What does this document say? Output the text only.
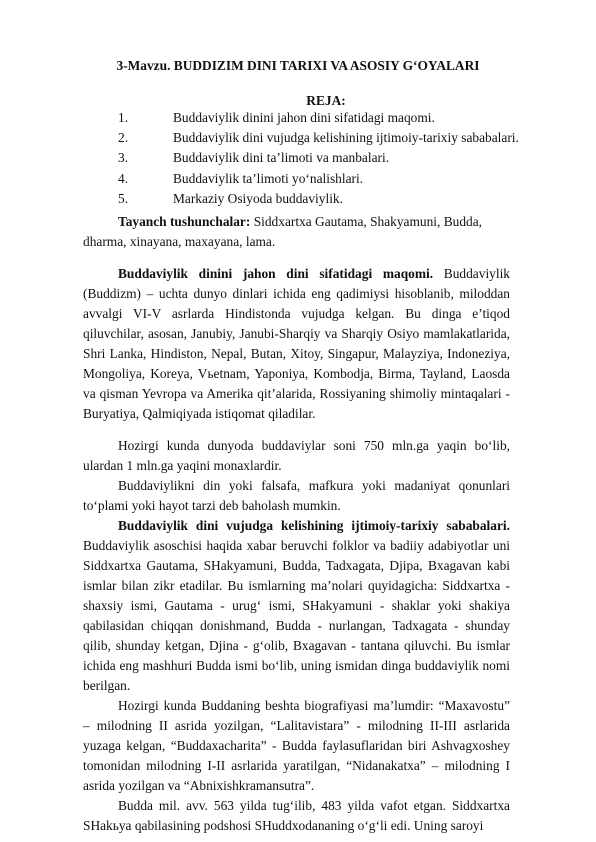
3-Mavzu. BUDDIZIM DINI TARIXI VA ASOSIY G‘OYALARI
REJA:
1.	Buddaviylik dinini jahon dini sifatidagi maqomi.
2.	Buddaviylik dini vujudga kelishining ijtimoiy-tarixiy sababalari.
3.	Buddaviylik dini ta’limoti va manbalari.
4.	Buddaviylik ta’limoti yo‘nalishlari.
5.	Markaziy Osiyoda buddaviylik.

Tayanch tushunchalar: Siddxartxa Gautama, Shakyamuni, Budda, dharma, xinayana, maxayana, lama.

Buddaviylik dinini jahon dini sifatidagi maqomi. Buddaviylik (Buddizm) – uchta dunyo dinlari ichida eng qadimiysi hisoblanib, miloddan avvalgi VI-V asrlarda Hindistonda vujudga kelgan. Bu dinga e’tiqod qiluvchilar, asosan, Janubiy, Janubi-Sharqiy va Sharqiy Osiyo mamlakatlarida, Shri Lanka, Hindiston, Nepal, Butan, Xitoy, Singapur, Malayziya, Indoneziya, Mongoliya, Koreya, Vьetnam, Yaponiya, Kombodja, Birma, Tayland, Laosda va qisman Yevropa va Amerika qit’alarida, Rossiyaning shimoliy mintaqalari - Buryatiya, Qalmiqiyada istiqomat qiladilar.

Hozirgi kunda dunyoda buddaviylar soni 750 mln.ga yaqin bo‘lib, ulardan 1 mln.ga yaqini monaxlardir.

Buddaviylikni din yoki falsafa, mafkura yoki madaniyat qonunlari to‘plami yoki hayot tarzi deb baholash mumkin.

Buddaviylik dini vujudga kelishining ijtimoiy-tarixiy sababalari. Buddaviylik asoschisi haqida xabar beruvchi folklor va badiiy adabiyotlar uni Siddxartxa Gautama, SHakyamuni, Budda, Tadxagata, Djipa, Bxagavan kabi ismlar bilan zikr etadilar. Bu ismlarning ma’nolari quyidagicha: Siddxartxa - shaxsiy ismi, Gautama - urug‘ ismi, SHakyamuni - shaklar yoki shakiya qabilasidan chiqqan donishmand, Budda - nurlangan, Tadxagata - shunday qilib, shunday ketgan, Djina - g‘olib, Bxagavan - tantana qiluvchi. Bu ismlar ichida eng mashhuri Budda ismi bo‘lib, uning ismidan dinga buddaviylik nomi berilgan.

Hozirgi kunda Buddaning beshta biografiyasi ma’lumdir: “Maxavostu” – milodning II asrida yozilgan, “Lalitavistara” - milodning II-III asrlarida yuzaga kelgan, “Buddaxacharita” - Budda faylasuflaridan biri Ashvagxoshey tomonidan milodning I-II asrlarida yaratilgan, “Nidanakatxa” – milodning I asrida yozilgan va “Abnixishkramansutra”.

Budda mil. avv. 563 yilda tug‘ilib, 483 yilda vafot etgan. Siddxartxa SHakьya qabilasining podshosi SHuddxodananing o‘g‘li edi. Uning saroyi
